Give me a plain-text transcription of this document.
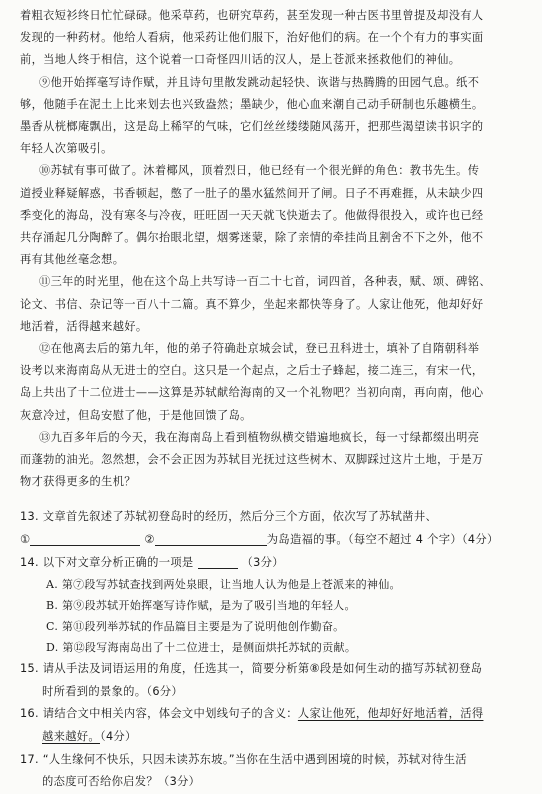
着粗衣短衫终日忙忙碌碌。他采草药，也研究草药，甚至发现一种古医书里曾提及却没有人

发现的一种药材。他给人看病，他采药让他们服下，治好他们的病。在一个个有力的事实面

前，当地人终于相信，这个说着一口奇怪四川话的汉人，是上苍派来拯救他们的神仙。

⑨他开始挥毫写诗作赋，并且诗句里散发跳动起轻快、诙谐与热腾腾的田园气息。纸不

够，他随手在泥土上比来划去也兴致盎然；墨缺少，他心血来潮自己动手研制也乐趣横生。

墨香从桄榔庵飘出，这是岛上稀罕的气味，它们丝丝缕缕随风荡开，把那些渴望读书识字的

年轻人次第吸引。

⑩苏轼有事可做了。沐着椰风，顶着烈日，他已经有一个很光鲜的角色：教书先生。传

道授业释疑解惑，书香顿起，憋了一肚子的墨水猛然间开了闸。日子不再难捱，从未缺少四

季变化的海岛，没有寒冬与冷夜，旺旺固一天天就飞快逝去了。他做得很投入，或许也已经

共存涌起几分陶醉了。偶尔抬眼北望，烟雾迷蒙，除了亲情的牵挂尚且割舍不下之外，他不

再有其他丝毫念想。

⑪三年的时光里，他在这个岛上共写诗一百二十七首，词四首，各种表，赋、颂、碑铭、

论文、书信、杂记等一百八十二篇。真不算少，坐起来都快等身了。人家让他死，他却好好

地活着，活得越来越好。

⑫在他离去后的第九年，他的弟子符确赴京城会试，登已丑科进士，填补了自隋朝科举

设考以来海南岛从无进士的空白。这只是一个起点，之后士子蜂起，接二连三，有宋一代，

岛上共出了十二位进士——这算是苏轼献给海南的又一个礼物吧？当初向南，再向南，他心

灰意冷过，但岛安慰了他，于是他回馈了岛。

⑬九百多年后的今天，我在海南岛上看到植物纵横交错遍地疯长，每一寸绿都缀出明亮

而蓬勃的油光。忽然想，会不会正因为苏轼目光抚过这些树木、双脚踩过这片土地，于是万

物才获得更多的生机？

13. 文章首先叙述了苏轼初登岛时的经历，然后分三个方面，依次写了苏轼凿井、

①	②	为岛造福的事。（每空不超过 4 个字）（4分）

14. 以下对文章分析正确的一项是	（3分）

A. 第⑦段写苏轼查找到两处泉眼，让当地人认为他是上苍派来的神仙。

B. 第⑨段苏轼开始挥毫写诗作赋，是为了吸引当地的年轻人。

C. 第⑪段列举苏轼的作品篇目主要是为了说明他创作勤奋。

D. 第⑫段写海南岛出了十二位进士，是侧面烘托苏轼的贡献。

15. 请从手法及词语运用的角度，任选其一，简要分析第⑧段是如何生动的描写苏轼初登岛

时所看到的景象的。（6分）

16. 请结合文中相关内容，体会文中划线句子的含义：人家让他死，他却好好地活着，活得

越来越好。（4分）

17. “人生缘何不快乐，只因未读苏东坡。”当你在生活中遇到困境的时候，苏轼对待生活

的态度可否给你启发？（3分）
